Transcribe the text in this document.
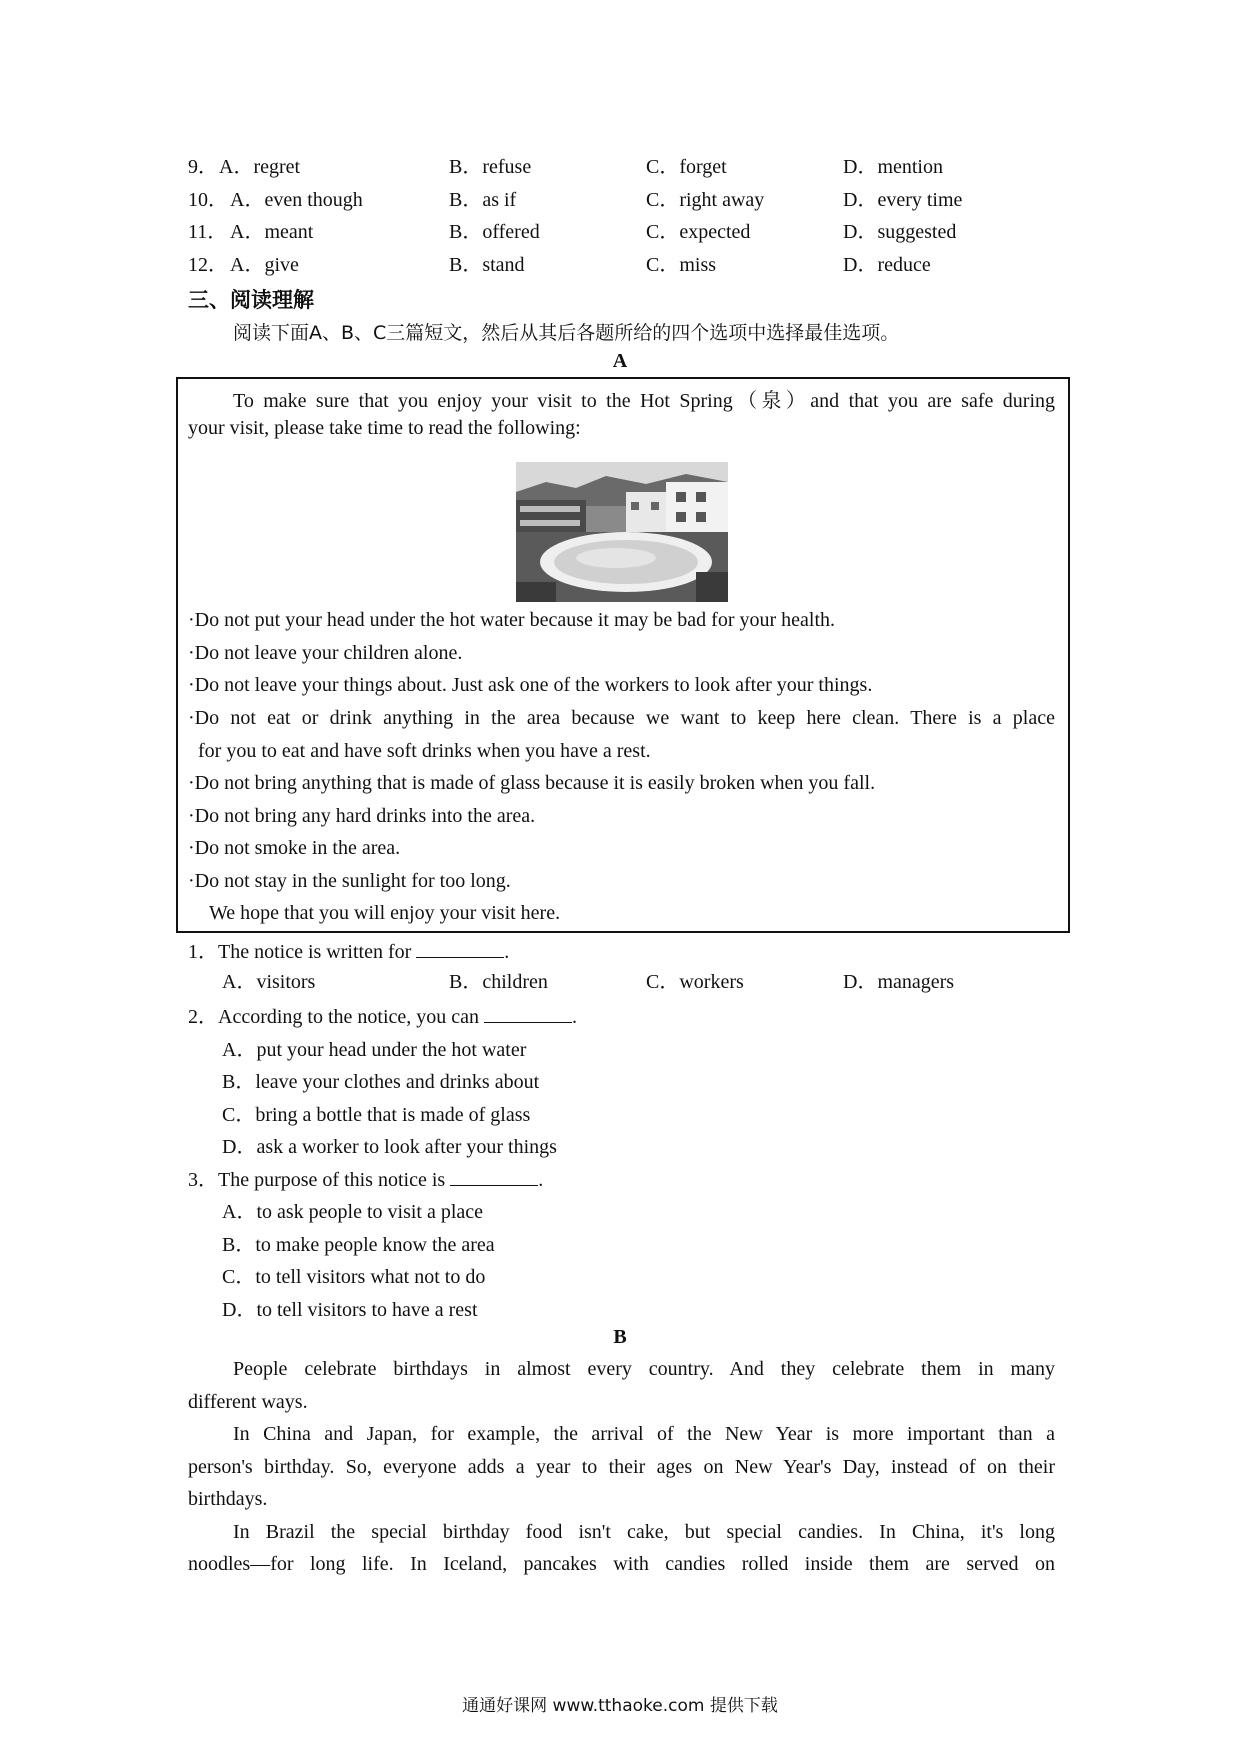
9． A．regret	B．refuse	C．forget	D．mention
10． A．even though	B．as if	C．right away	D．every time
11． A．meant	B．offered	C．expected	D．suggested
12． A．give	B．stand	C．miss	D．reduce
三、阅读理解
阅读下面A、B、C三篇短文，然后从其后各题所给的四个选项中选择最佳选项。
A
To make sure that you enjoy your visit to the Hot Spring（泉）and that you are safe during
your visit, please take time to read the following:
·Do not put your head under the hot water because it may be bad for your health.
·Do not leave your children alone.
·Do not leave your things about. Just ask one of the workers to look after your things.
·Do not eat or drink anything in the area because we want to keep here clean. There is a place
for you to eat and have soft drinks when you have a rest.
·Do not bring anything that is made of glass because it is easily broken when you fall.
·Do not bring any hard drinks into the area.
·Do not smoke in the area.
·Do not stay in the sunlight for too long.
We hope that you will enjoy your visit here.
1．The notice is written for	.
A．visitors	B．children	C．workers	D．managers
2．According to the notice, you can	.
A．put your head under the hot water
B．leave your clothes and drinks about
C．bring a bottle that is made of glass
D．ask a worker to look after your things
3．The purpose of this notice is	.
A．to ask people to visit a place
B．to make people know the area
C．to tell visitors what not to do
D．to tell visitors to have a rest
B
People celebrate birthdays in almost every country. And they celebrate them in many
different ways.
In China and Japan, for example, the arrival of the New Year is more important than a
person's birthday. So, everyone adds a year to their ages on New Year's Day, instead of on their
birthdays.
In Brazil the special birthday food isn't cake, but special candies. In China, it's long
noodles—for long life. In Iceland, pancakes with candies rolled inside them are served on
通通好课网 www.tthaoke.com 提供下载
